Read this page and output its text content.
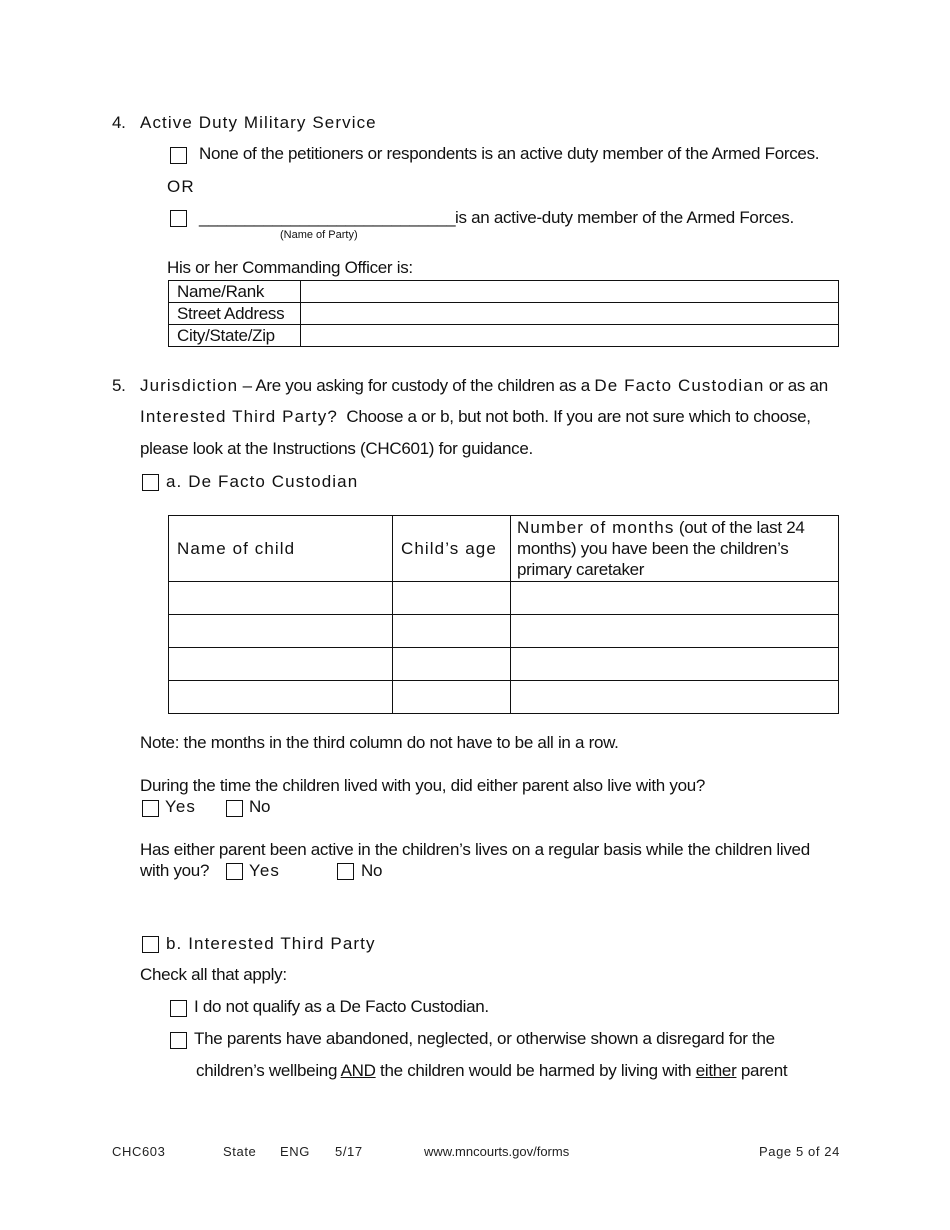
4. Active Duty Military Service
None of the petitioners or respondents is an active duty member of the Armed Forces.
OR
____________________________ is an active-duty member of the Armed Forces.
(Name of Party)
His or her Commanding Officer is:
Name/Rank	
Street Address	
City/State/Zip	
5. Jurisdiction – Are you asking for custody of the children as a De Facto Custodian or as an
Interested Third Party? Choose a or b, but not both. If you are not sure which to choose,
please look at the Instructions (CHC601) for guidance.
a. De Facto Custodian
Name of child	Child’s age	Number of months (out of the last 24
months) you have been the children’s
primary caretaker

Note: the months in the third column do not have to be all in a row.
During the time the children lived with you, did either parent also live with you?
Yes	No
Has either parent been active in the children’s lives on a regular basis while the children lived
with you? Yes	No
b. Interested Third Party
Check all that apply:
I do not qualify as a De Facto Custodian.
The parents have abandoned, neglected, or otherwise shown a disregard for the
children’s wellbeing AND the children would be harmed by living with either parent
CHC603	State ENG 5/17	www.mncourts.gov/forms	Page 5 of 24
